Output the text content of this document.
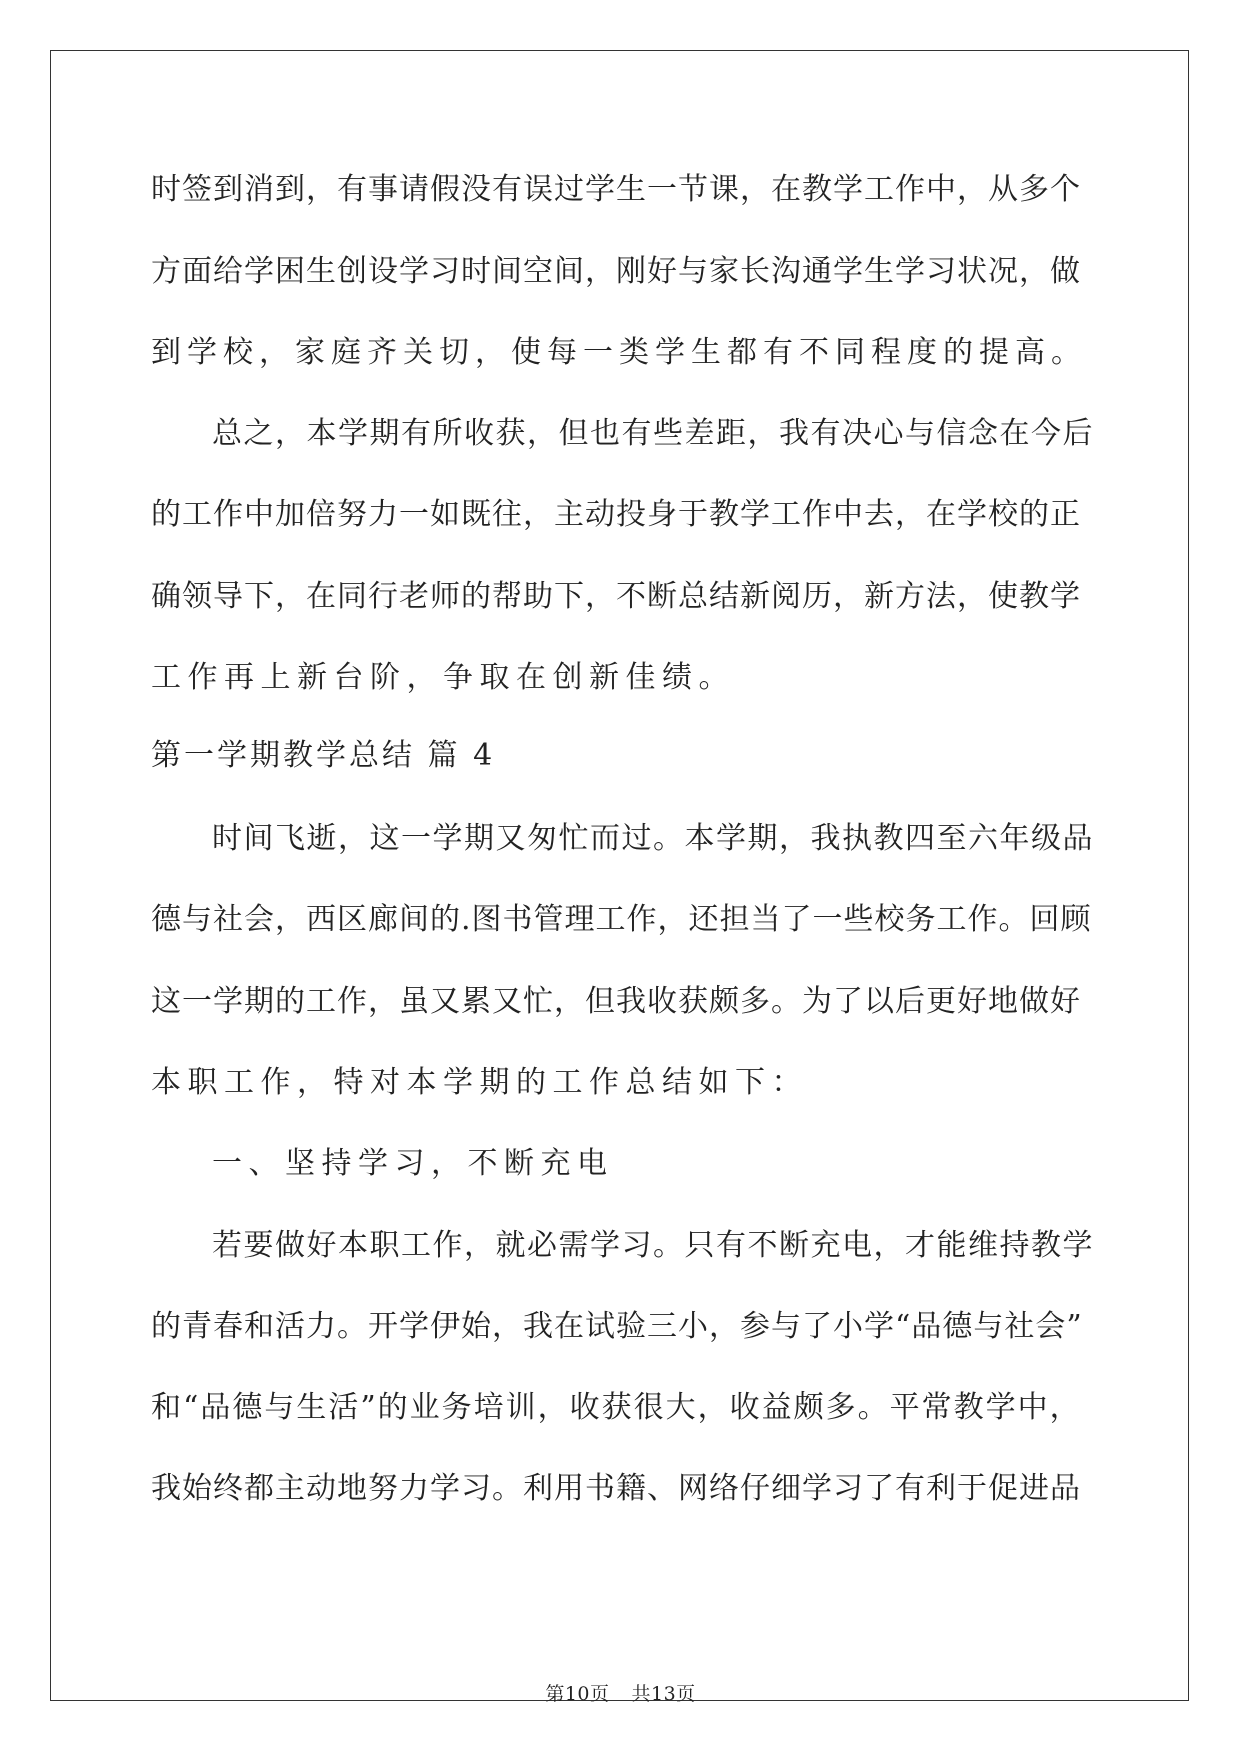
时签到消到，有事请假没有误过学生一节课，在教学工作中，从多个
方面给学困生创设学习时间空间，刚好与家长沟通学生学习状况，做
到学校，家庭齐关切，使每一类学生都有不同程度的提高。
总之，本学期有所收获，但也有些差距，我有决心与信念在今后
的工作中加倍努力一如既往，主动投身于教学工作中去，在学校的正
确领导下，在同行老师的帮助下，不断总结新阅历，新方法，使教学
工作再上新台阶，争取在创新佳绩。
第一学期教学总结 篇 4
时间飞逝，这一学期又匆忙而过。本学期，我执教四至六年级品
德与社会，西区廊间的.图书管理工作，还担当了一些校务工作。回顾
这一学期的工作，虽又累又忙，但我收获颇多。为了以后更好地做好
本职工作，特对本学期的工作总结如下：
一、坚持学习，不断充电
若要做好本职工作，就必需学习。只有不断充电，才能维持教学
的青春和活力。开学伊始，我在试验三小，参与了小学“品德与社会”
和“品德与生活”的业务培训，收获很大，收益颇多。平常教学中，
我始终都主动地努力学习。利用书籍、网络仔细学习了有利于促进品
第10页 共13页
